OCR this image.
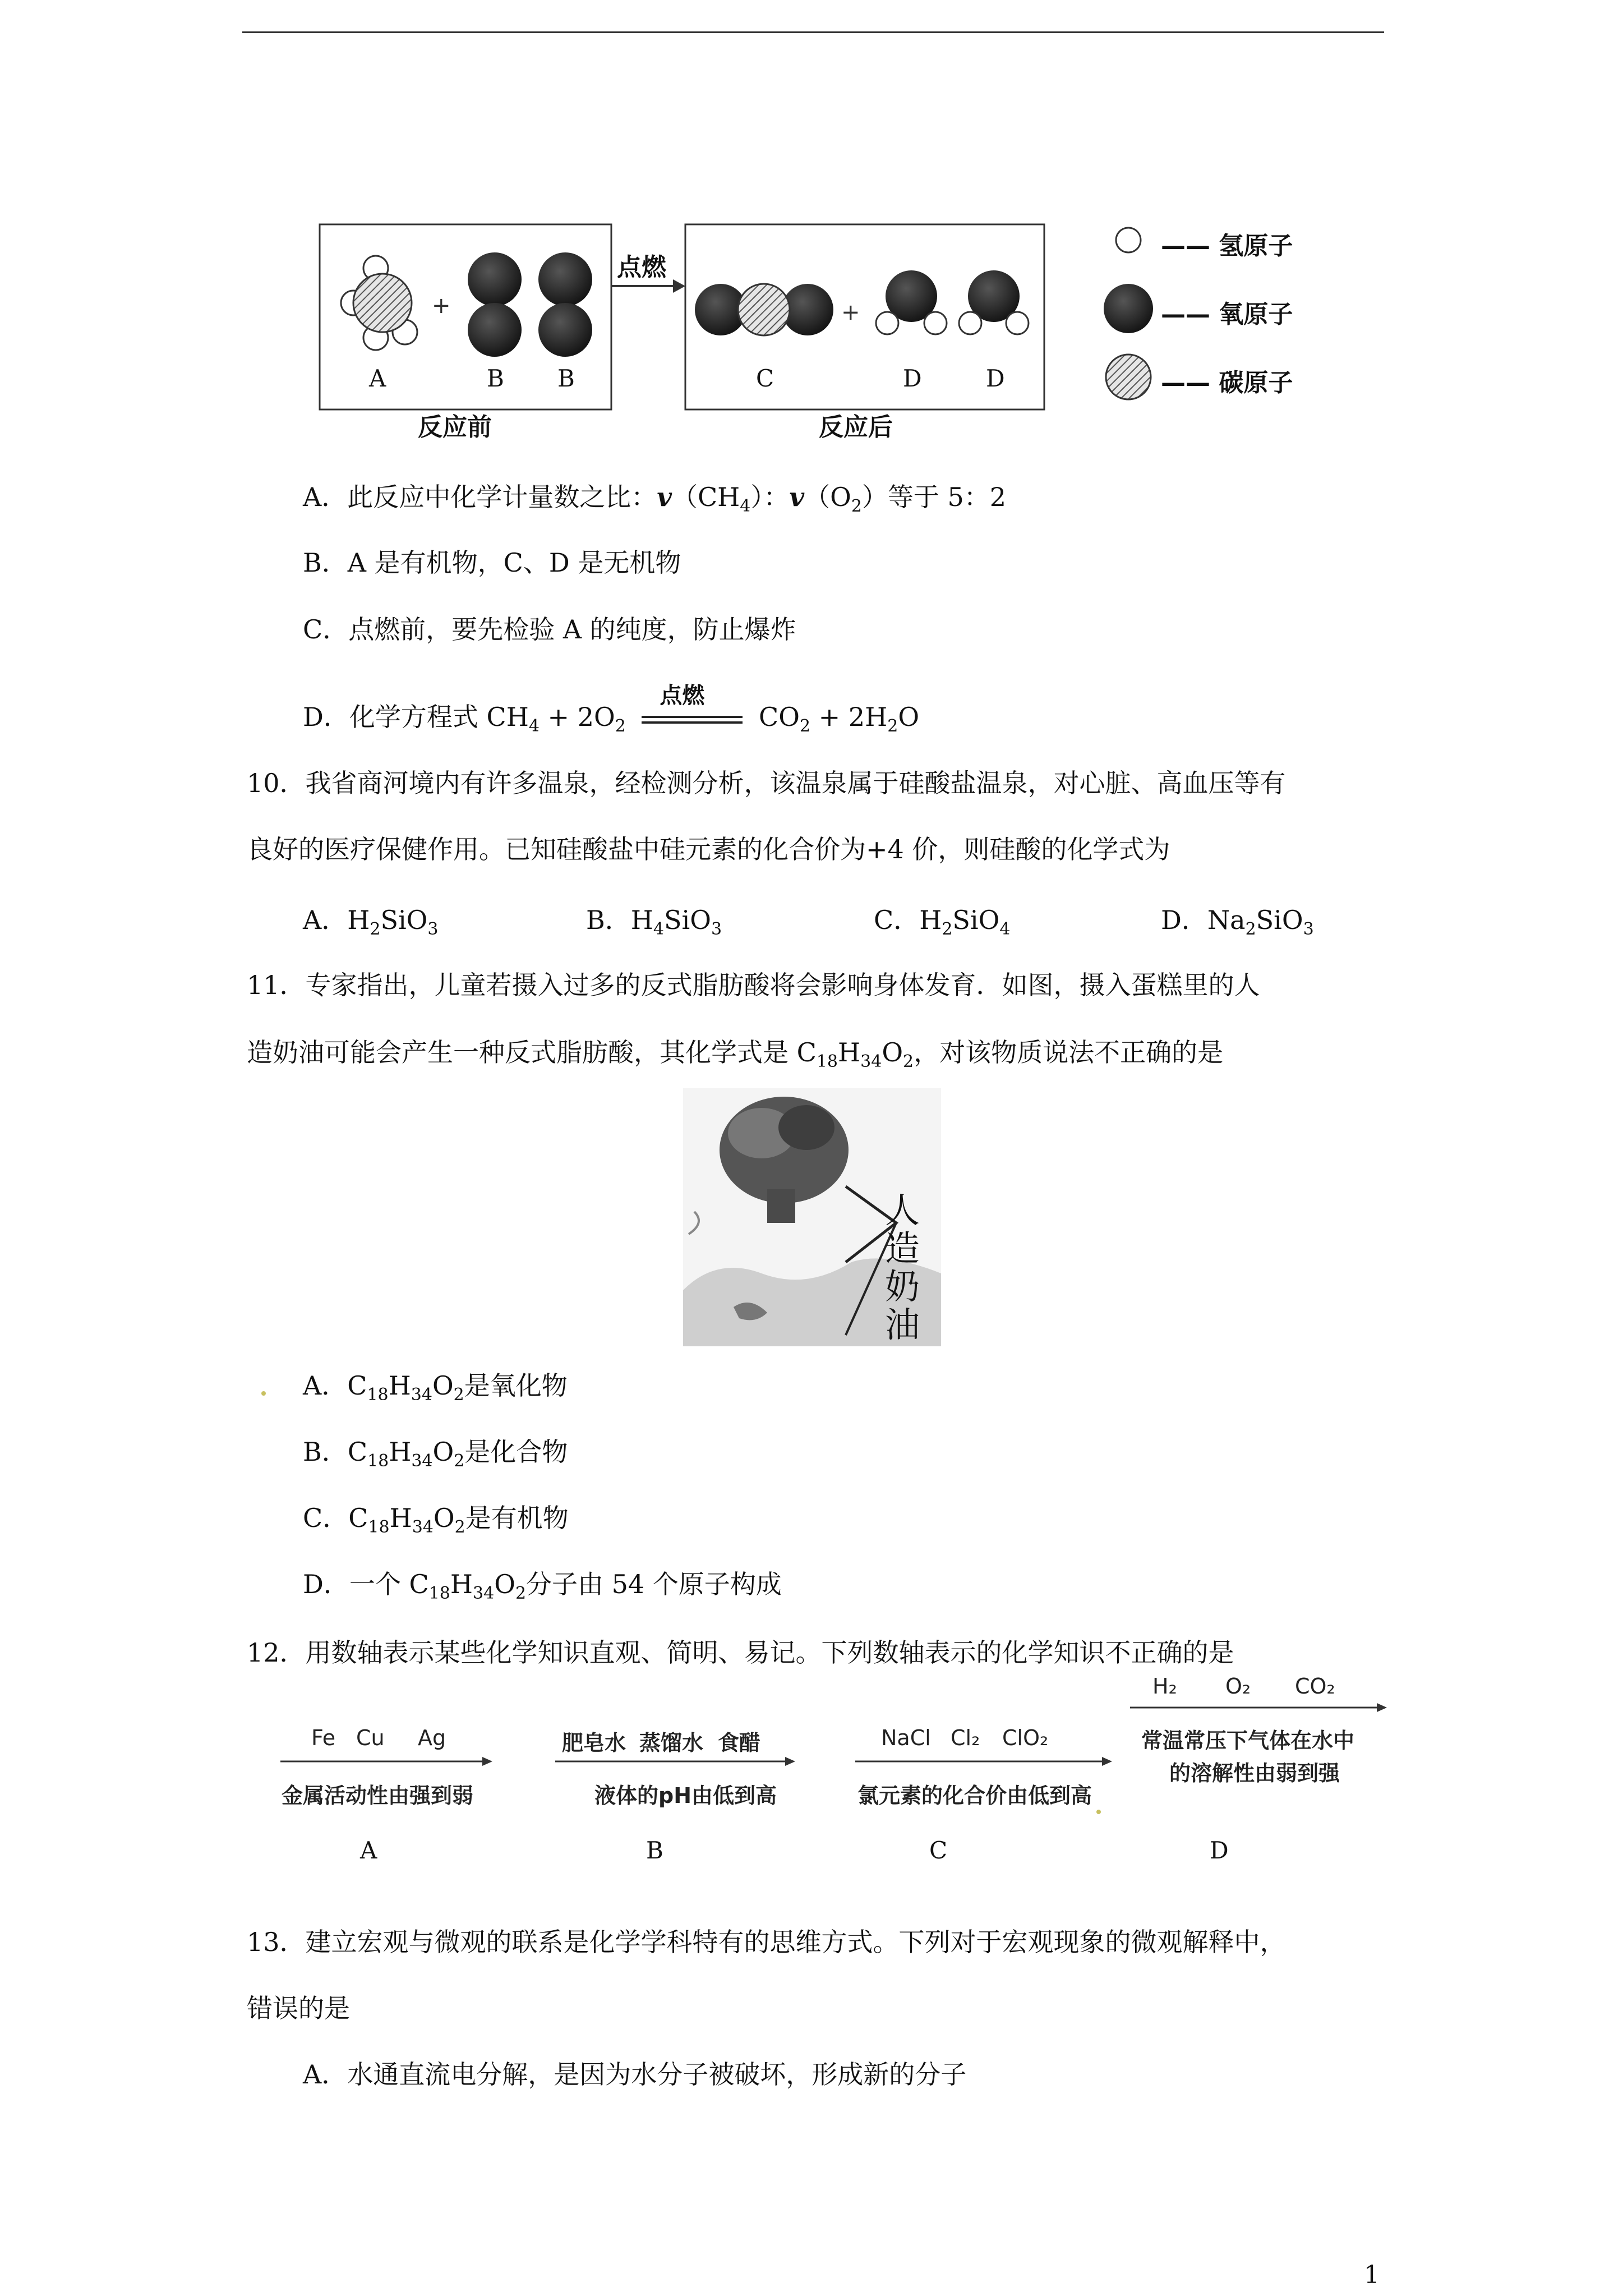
+	+
点燃
A	B B	C	D	D
反应前	反应后
—— 氢原子
—— 氧原子
—— 碳原子
A．此反应中化学计量数之比：$v(CH_4)$：$v(O_2)$等于 5：2
B．A 是有机物，C、D 是无机物
C．点燃前，要先检验 A 的纯度，防止爆炸
D．化学方程式 $CH_4 + 2O_2$
点燃
$CO_2 + 2H_2O$
10．我省商河境内有许多温泉，经检测分析，该温泉属于硅酸盐温泉，对心脏、高血压等有
良好的医疗保健作用。已知硅酸盐中硅元素的化合价为+4 价，则硅酸的化学式为
A．$H_2SiO_3$	B．$H_4SiO_3$	C．$H_2SiO_4$	D．$Na_2SiO_3$
11．专家指出，儿童若摄入过多的反式脂肪酸将会影响身体发育．如图，摄入蛋糕里的人
造奶油可能会产生一种反式脂肪酸，其化学式是 $C_{18}H_{34}O_2$，对该物质说法不正确的是
人
造
奶
油
A．$C_{18}H_{34}O_2$是氧化物
B．$C_{18}H_{34}O_2$是化合物
C．$C_{18}H_{34}O_2$是有机物
D．一个 $C_{18}H_{34}O_2$分子由 54 个原子构成
12．用数轴表示某些化学知识直观、简明、易记。下列数轴表示的化学知识不正确的是
Fe Cu Ag
金属活动性由强到弱
A
肥皂水 蒸馏水 食醋
液体的pH由低到高
B
NaCl Cl₂ ClO₂
氯元素的化合价由低到高
C
H₂ O₂ CO₂
常温常压下气体在水中
的溶解性由弱到强
D
13．建立宏观与微观的联系是化学学科特有的思维方式。下列对于宏观现象的微观解释中，
错误的是
A．水通直流电分解，是因为水分子被破坏，形成新的分子
1
